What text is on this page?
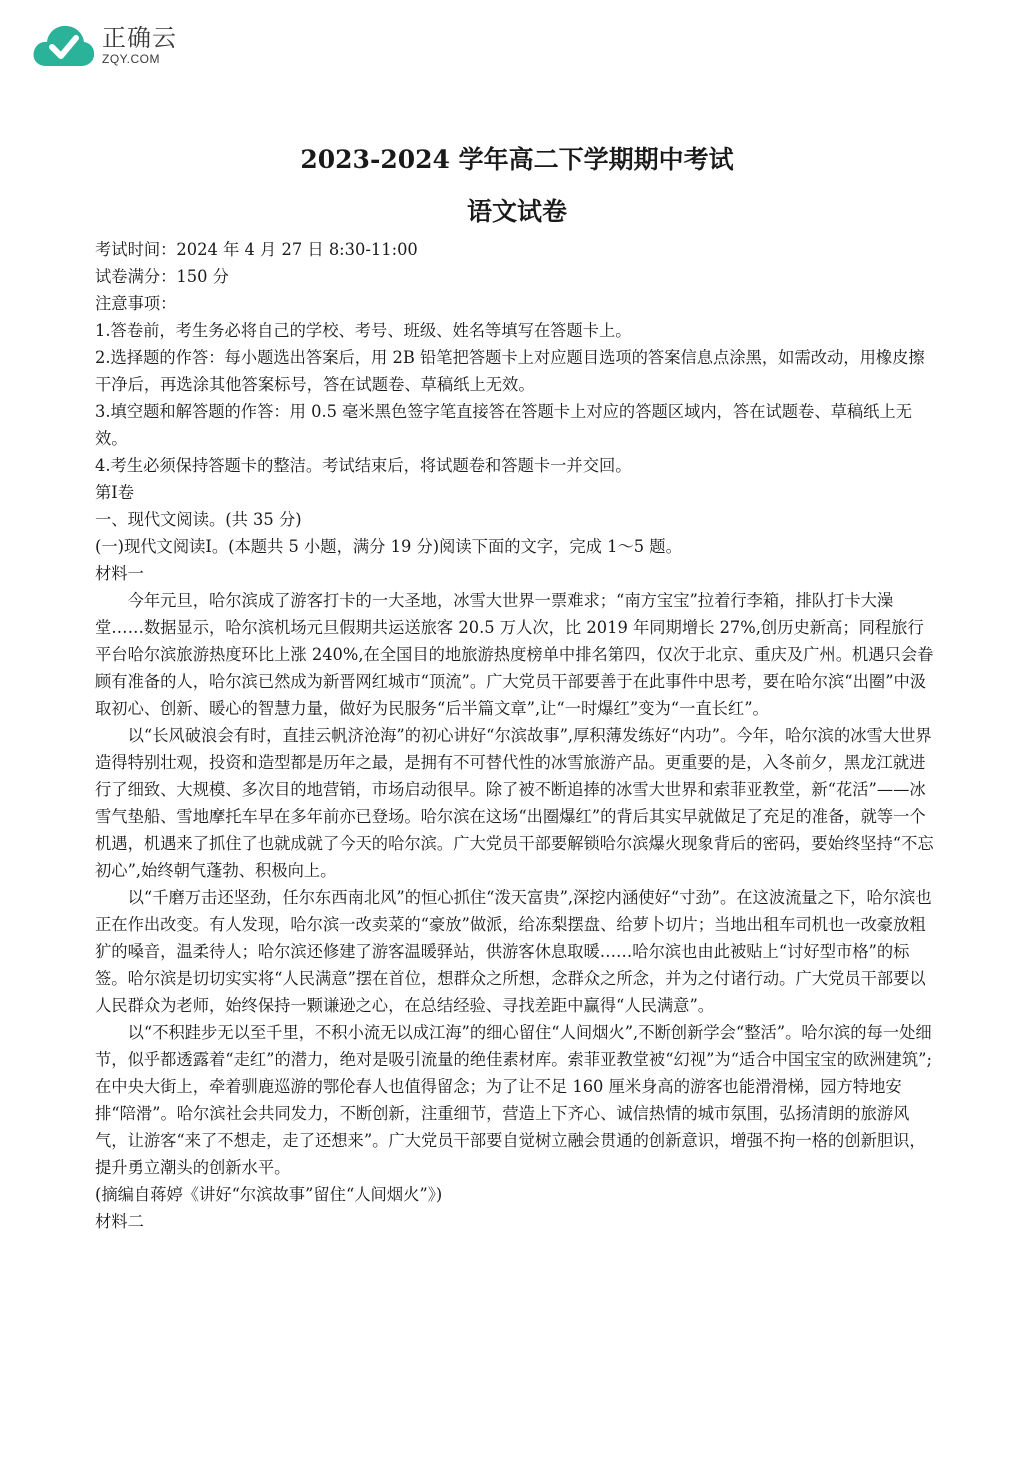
正确云
ZQY.COM
2023-2024 学年高二下学期期中考试
语文试卷

考试时间：2024 年 4 月 27 日 8:30-11:00

试卷满分：150 分

注意事项：

1.答卷前，考生务必将自己的学校、考号、班级、姓名等填写在答题卡上。

2.选择题的作答：每小题选出答案后，用 2B 铅笔把答题卡上对应题目选项的答案信息点涂黑，如需改动，用橡皮擦干净后，再选涂其他答案标号，答在试题卷、草稿纸上无效。

3.填空题和解答题的作答：用 0.5 毫米黑色签字笔直接答在答题卡上对应的答题区域内，答在试题卷、草稿纸上无效。

4.考生必须保持答题卡的整洁。考试结束后，将试题卷和答题卡一并交回。

第Ⅰ卷

一、现代文阅读。(共 35 分)

(一)现代文阅读Ⅰ。(本题共 5 小题，满分 19 分)阅读下面的文字，完成 1～5 题。

材料一

今年元旦，哈尔滨成了游客打卡的一大圣地，冰雪大世界一票难求；“南方宝宝”拉着行李箱，排队打卡大澡堂……数据显示，哈尔滨机场元旦假期共运送旅客 20.5 万人次，比 2019 年同期增长 27%,创历史新高；同程旅行平台哈尔滨旅游热度环比上涨 240%,在全国目的地旅游热度榜单中排名第四，仅次于北京、重庆及广州。机遇只会眷顾有准备的人，哈尔滨已然成为新晋网红城市“顶流”。广大党员干部要善于在此事件中思考，要在哈尔滨“出圈”中汲取初心、创新、暖心的智慧力量，做好为民服务“后半篇文章”,让“一时爆红”变为“一直长红”。

以“长风破浪会有时，直挂云帆济沧海”的初心讲好“尔滨故事”,厚积薄发练好“内功”。今年，哈尔滨的冰雪大世界造得特别壮观，投资和造型都是历年之最，是拥有不可替代性的冰雪旅游产品。更重要的是，入冬前夕，黑龙江就进行了细致、大规模、多次目的地营销，市场启动很早。除了被不断追捧的冰雪大世界和索菲亚教堂，新“花活”——冰雪气垫船、雪地摩托车早在多年前亦已登场。哈尔滨在这场“出圈爆红”的背后其实早就做足了充足的准备，就等一个机遇，机遇来了抓住了也就成就了今天的哈尔滨。广大党员干部要解锁哈尔滨爆火现象背后的密码，要始终坚持“不忘初心”,始终朝气蓬勃、积极向上。

以“千磨万击还坚劲，任尔东西南北风”的恒心抓住“泼天富贵”,深挖内涵使好“寸劲”。在这波流量之下，哈尔滨也正在作出改变。有人发现，哈尔滨一改卖菜的“豪放”做派，给冻梨摆盘、给萝卜切片；当地出租车司机也一改豪放粗犷的嗓音，温柔待人；哈尔滨还修建了游客温暖驿站，供游客休息取暖……哈尔滨也由此被贴上“讨好型市格”的标签。哈尔滨是切切实实将“人民满意”摆在首位，想群众之所想，念群众之所念，并为之付诸行动。广大党员干部要以人民群众为老师，始终保持一颗谦逊之心，在总结经验、寻找差距中赢得“人民满意”。

以“不积跬步无以至千里，不积小流无以成江海”的细心留住“人间烟火”,不断创新学会“整活”。哈尔滨的每一处细节，似乎都透露着“走红”的潜力，绝对是吸引流量的绝佳素材库。索菲亚教堂被“幻视”为“适合中国宝宝的欧洲建筑”;在中央大街上，牵着驯鹿巡游的鄂伦春人也值得留念；为了让不足 160 厘米身高的游客也能滑滑梯，园方特地安排“陪滑”。哈尔滨社会共同发力，不断创新，注重细节，营造上下齐心、诚信热情的城市氛围，弘扬清朗的旅游风气，让游客“来了不想走，走了还想来”。广大党员干部要自觉树立融会贯通的创新意识，增强不拘一格的创新胆识，提升勇立潮头的创新水平。

(摘编自蒋婷《讲好“尔滨故事”留住“人间烟火”》)

材料二
